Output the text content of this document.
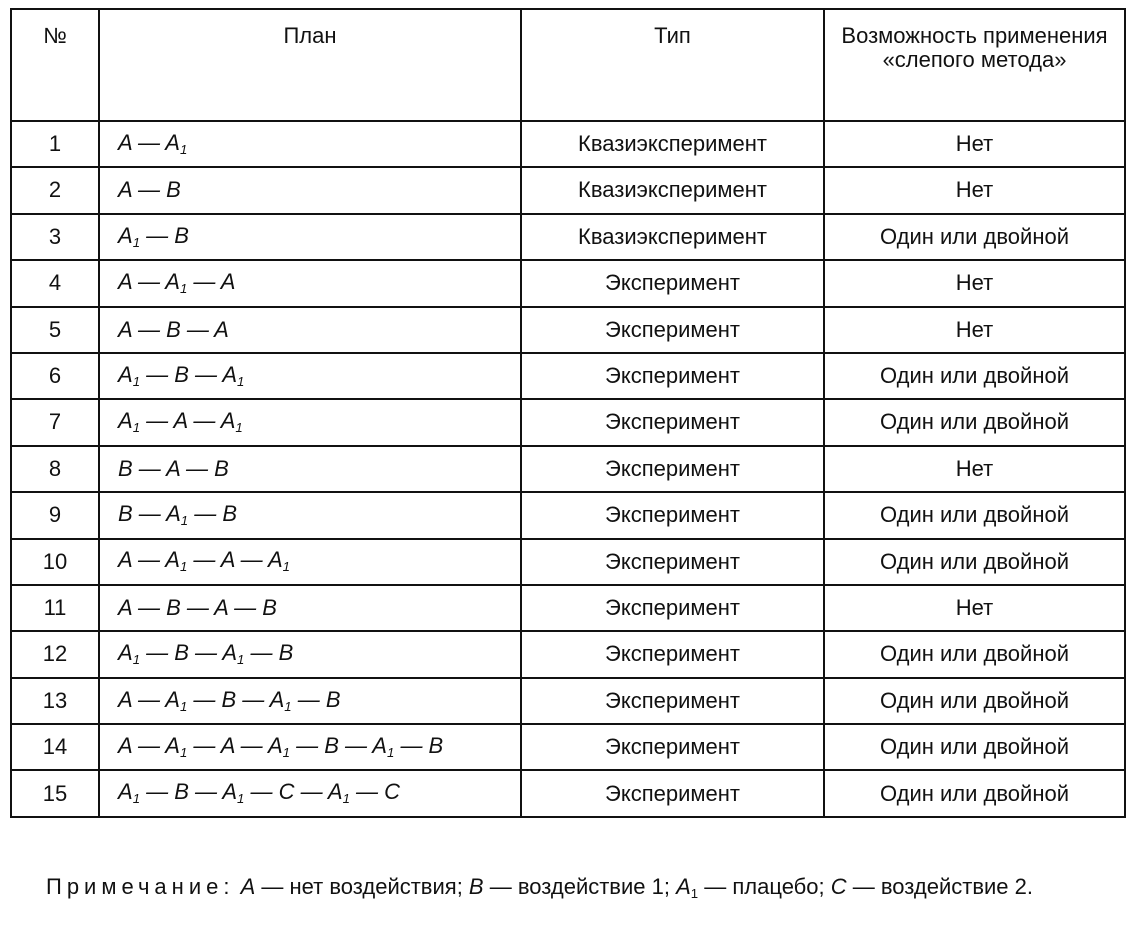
№	План	Тип	Возможность применения «слепого метода»
1	A — $A_1$	Квазиэксперимент	Нет
2	A — B	Квазиэксперимент	Нет
3	$A_1$ — B	Квазиэксперимент	Один или двойной
4	A — $A_1$ — A	Эксперимент	Нет
5	A — B — A	Эксперимент	Нет
6	$A_1$ — B — $A_1$	Эксперимент	Один или двойной
7	$A_1$ — A — $A_1$	Эксперимент	Один или двойной
8	B — A — B	Эксперимент	Нет
9	B — $A_1$ — B	Эксперимент	Один или двойной
10	A — $A_1$ — A — $A_1$	Эксперимент	Один или двойной
11	A — B — A — B	Эксперимент	Нет
12	$A_1$ — B — $A_1$ — B	Эксперимент	Один или двойной
13	A — $A_1$ — B — $A_1$ — B	Эксперимент	Один или двойной
14	A — $A_1$ — A — $A_1$ — B — $A_1$ — B	Эксперимент	Один или двойной
15	$A_1$ — B — $A_1$ — C — $A_1$ — C	Эксперимент	Один или двойной

Примечание: A — нет воздействия; B — воздействие 1; $A_1$ — плацебо; C — воздействие 2.
